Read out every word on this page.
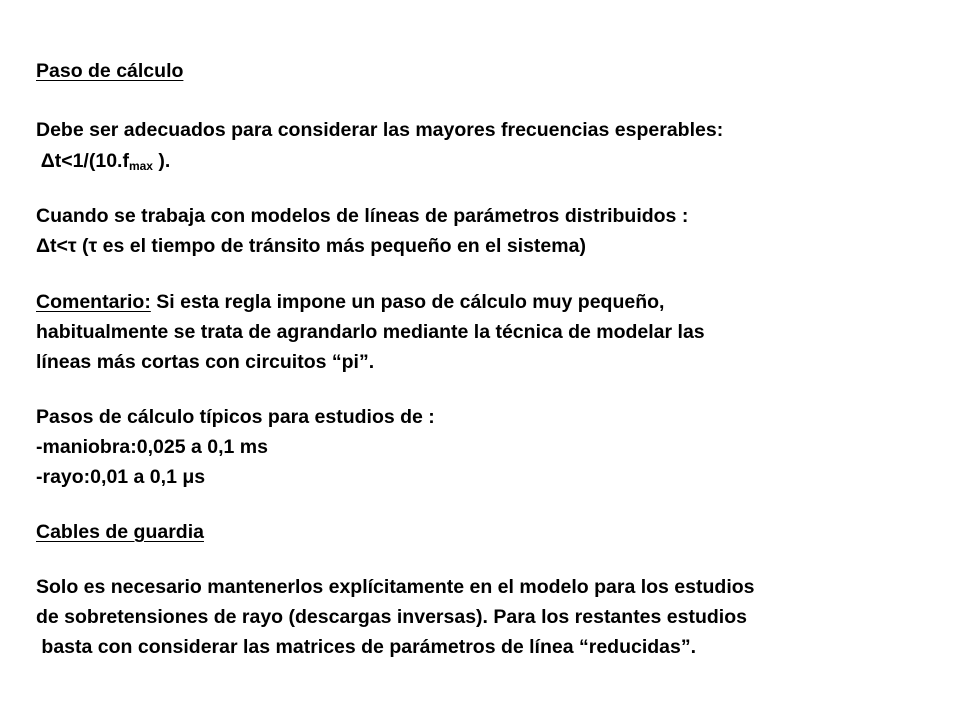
Paso de cálculo
Debe ser adecuados para considerar las mayores frecuencias esperables:
$\Delta t<1/(10.f_{max}$ ).
Cuando se trabaja con modelos de líneas de parámetros distribuidos :
Δt<τ (τ es el tiempo de tránsito más pequeño en el sistema)
Comentario: Si esta regla impone un paso de cálculo muy pequeño,
habitualmente se trata de agrandarlo mediante la técnica de modelar las
líneas más cortas con circuitos “pi”.
Pasos de cálculo típicos para estudios de :
-maniobra:0,025 a 0,1 ms
-rayo:0,01 a 0,1 μs
Cables de guardia
Solo es necesario mantenerlos explícitamente en el modelo para los estudios
de sobretensiones de rayo (descargas inversas). Para los restantes estudios
basta con considerar las matrices de parámetros de línea “reducidas”.
